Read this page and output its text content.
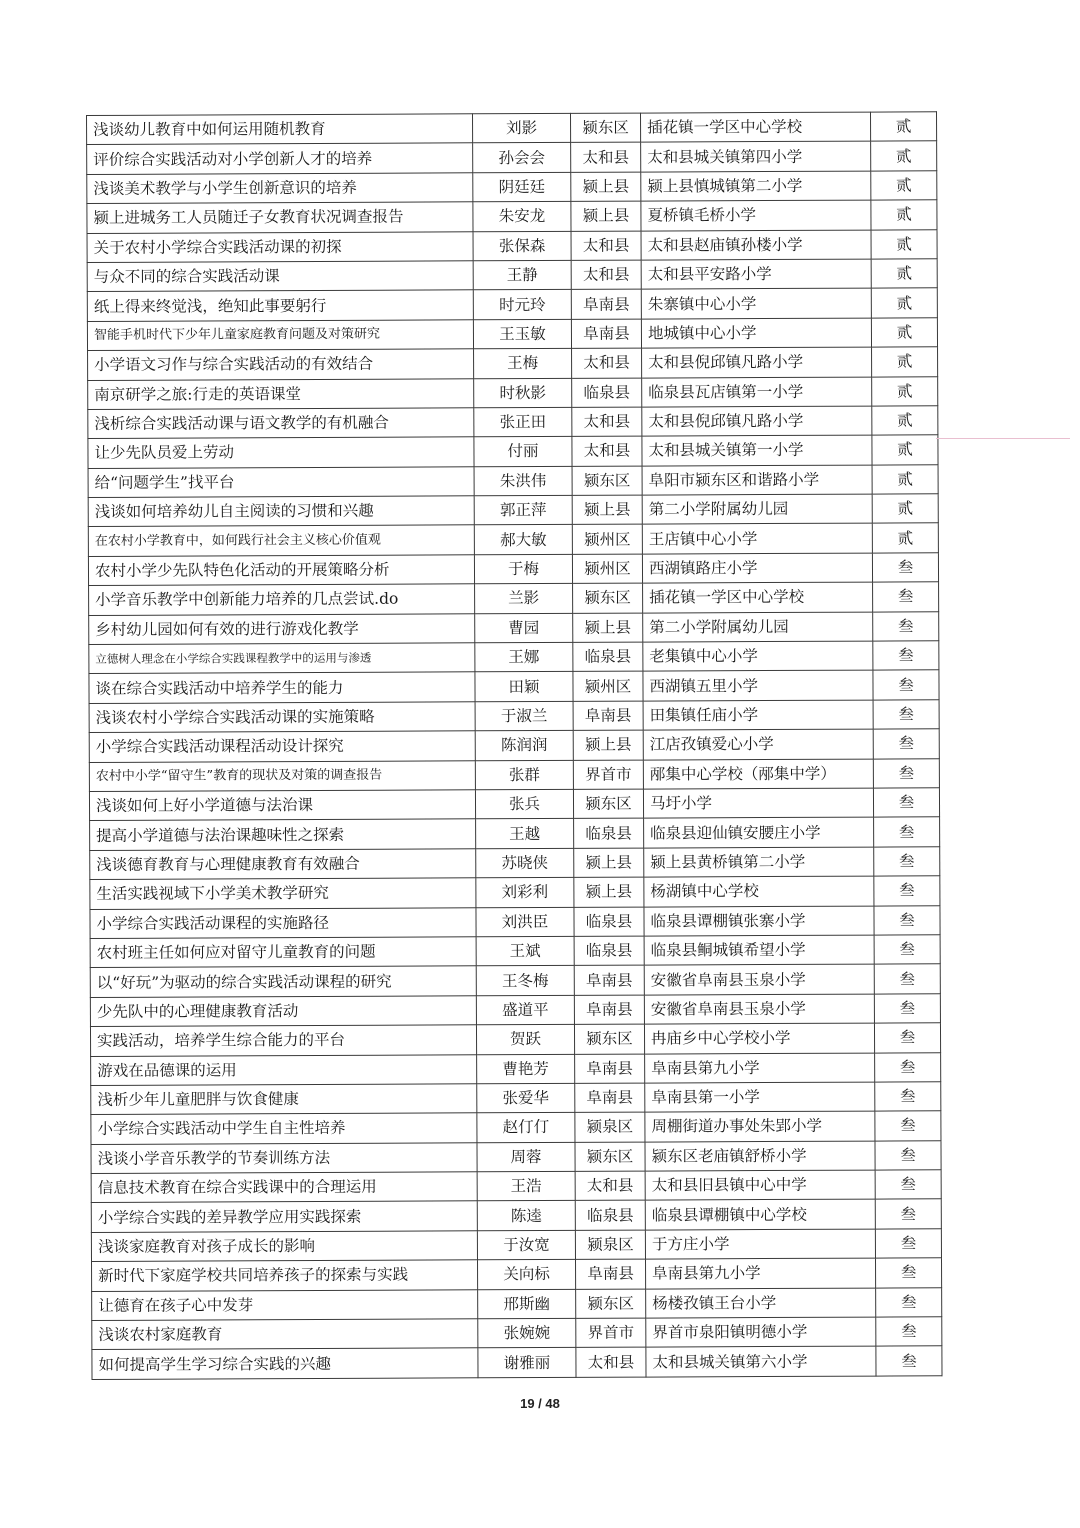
浅谈幼儿教育中如何运用随机教育	刘影	颍东区	插花镇一学区中心学校	贰
评价综合实践活动对小学创新人才的培养	孙会会	太和县	太和县城关镇第四小学	贰
浅谈美术教学与小学生创新意识的培养	阴廷廷	颍上县	颍上县慎城镇第二小学	贰
颍上进城务工人员随迁子女教育状况调查报告	朱安龙	颍上县	夏桥镇毛桥小学	贰
关于农村小学综合实践活动课的初探	张保森	太和县	太和县赵庙镇孙楼小学	贰
与众不同的综合实践活动课	王静	太和县	太和县平安路小学	贰
纸上得来终觉浅，绝知此事要躬行	时元玲	阜南县	朱寨镇中心小学	贰
智能手机时代下少年儿童家庭教育问题及对策研究	王玉敏	阜南县	地城镇中心小学	贰
小学语文习作与综合实践活动的有效结合	王梅	太和县	太和县倪邱镇凡路小学	贰
南京研学之旅:行走的英语课堂	时秋影	临泉县	临泉县瓦店镇第一小学	贰
浅析综合实践活动课与语文教学的有机融合	张正田	太和县	太和县倪邱镇凡路小学	贰
让少先队员爱上劳动	付丽	太和县	太和县城关镇第一小学	贰
给“问题学生”找平台	朱洪伟	颍东区	阜阳市颍东区和谐路小学	贰
浅谈如何培养幼儿自主阅读的习惯和兴趣	郭正萍	颍上县	第二小学附属幼儿园	贰
在农村小学教育中，如何践行社会主义核心价值观	郝大敏	颍州区	王店镇中心小学	贰
农村小学少先队特色化活动的开展策略分析	于梅	颍州区	西湖镇路庄小学	叁
小学音乐教学中创新能力培养的几点尝试.do	兰影	颍东区	插花镇一学区中心学校	叁
乡村幼儿园如何有效的进行游戏化教学	曹园	颍上县	第二小学附属幼儿园	叁
立德树人理念在小学综合实践课程教学中的运用与渗透	王娜	临泉县	老集镇中心小学	叁
谈在综合实践活动中培养学生的能力	田颖	颍州区	西湖镇五里小学	叁
浅谈农村小学综合实践活动课的实施策略	于淑兰	阜南县	田集镇任庙小学	叁
小学综合实践活动课程活动设计探究	陈润润	颍上县	江店孜镇爱心小学	叁
农村中小学“留守生”教育的现状及对策的调查报告	张群	界首市	邴集中心学校（邴集中学）	叁
浅谈如何上好小学道德与法治课	张兵	颍东区	马圩小学	叁
提高小学道德与法治课趣味性之探索	王越	临泉县	临泉县迎仙镇安腰庄小学	叁
浅谈德育教育与心理健康教育有效融合	苏晓侠	颍上县	颍上县黄桥镇第二小学	叁
生活实践视域下小学美术教学研究	刘彩利	颍上县	杨湖镇中心学校	叁
小学综合实践活动课程的实施路径	刘洪臣	临泉县	临泉县谭棚镇张寨小学	叁
农村班主任如何应对留守儿童教育的问题	王斌	临泉县	临泉县鲖城镇希望小学	叁
以“好玩”为驱动的综合实践活动课程的研究	王冬梅	阜南县	安徽省阜南县玉泉小学	叁
少先队中的心理健康教育活动	盛道平	阜南县	安徽省阜南县玉泉小学	叁
实践活动，培养学生综合能力的平台	贺跃	颍东区	冉庙乡中心学校小学	叁
游戏在品德课的运用	曹艳芳	阜南县	阜南县第九小学	叁
浅析少年儿童肥胖与饮食健康	张爱华	阜南县	阜南县第一小学	叁
小学综合实践活动中学生自主性培养	赵仃仃	颍泉区	周棚街道办事处朱郢小学	叁
浅谈小学音乐教学的节奏训练方法	周蓉	颍东区	颍东区老庙镇舒桥小学	叁
信息技术教育在综合实践课中的合理运用	王浩	太和县	太和县旧县镇中心中学	叁
小学综合实践的差异教学应用实践探索	陈逵	临泉县	临泉县谭棚镇中心学校	叁
浅谈家庭教育对孩子成长的影响	于汝宽	颍泉区	于方庄小学	叁
新时代下家庭学校共同培养孩子的探索与实践	关向标	阜南县	阜南县第九小学	叁
让德育在孩子心中发芽	邢斯幽	颍东区	杨楼孜镇王台小学	叁
浅谈农村家庭教育	张婉婉	界首市	界首市泉阳镇明德小学	叁
如何提高学生学习综合实践的兴趣	谢雅丽	太和县	太和县城关镇第六小学	叁
19 / 48
